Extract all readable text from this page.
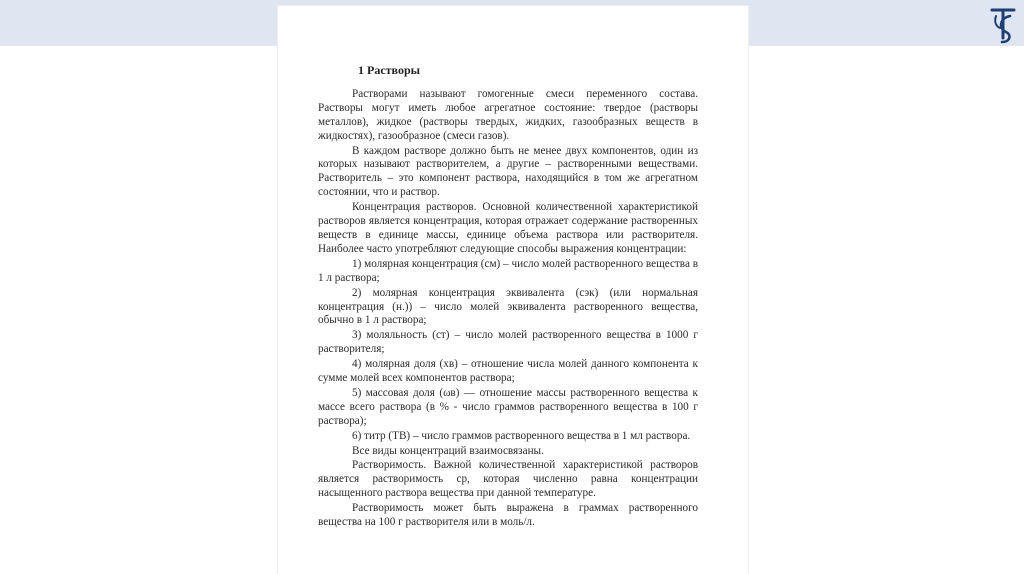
1 Растворы

Растворами называют гомогенные смеси переменного состава. Растворы могут иметь любое агрегатное состояние: твердое (растворы металлов), жидкое (растворы твердых, жидких, газообразных веществ в жидкостях), газообразное (смеси газов).

В каждом растворе должно быть не менее двух компонентов, один из которых называют растворителем, а другие – растворенными веществами. Растворитель – это компонент раствора, находящийся в том же агрегатном состоянии, что и раствор.

Концентрация растворов. Основной количественной характеристикой растворов является концентрация, которая отражает содержание растворенных веществ в единице массы, единице объема раствора или растворителя. Наиболее часто употребляют следующие способы выражения концентрации:

1) молярная концентрация (cм) – число молей растворенного вещества в 1 л раствора;

2) молярная концентрация эквивалента (cэк) (или нормальная концентрация (н.)) – число молей эквивалента растворенного вещества, обычно в 1 л раствора;

3) моляльность (cт) – число молей растворенного вещества в 1000 г растворителя;

4) молярная доля (xв) – отношение числа молей данного компонента к сумме молей всех компонентов раствора;

5) массовая доля (ωв) — отношение массы растворенного вещества к массе всего раствора (в % - число граммов растворенного вещества в 100 г раствора);

6) титр (TB) – число граммов растворенного вещества в 1 мл раствора.

Все виды концентраций взаимосвязаны.

Растворимость. Важной количественной характеристикой растворов является растворимость cр, которая численно равна концентрации насыщенного раствора вещества при данной температуре.

Растворимость может быть выражена в граммах растворенного вещества на 100 г растворителя или в моль/л.
